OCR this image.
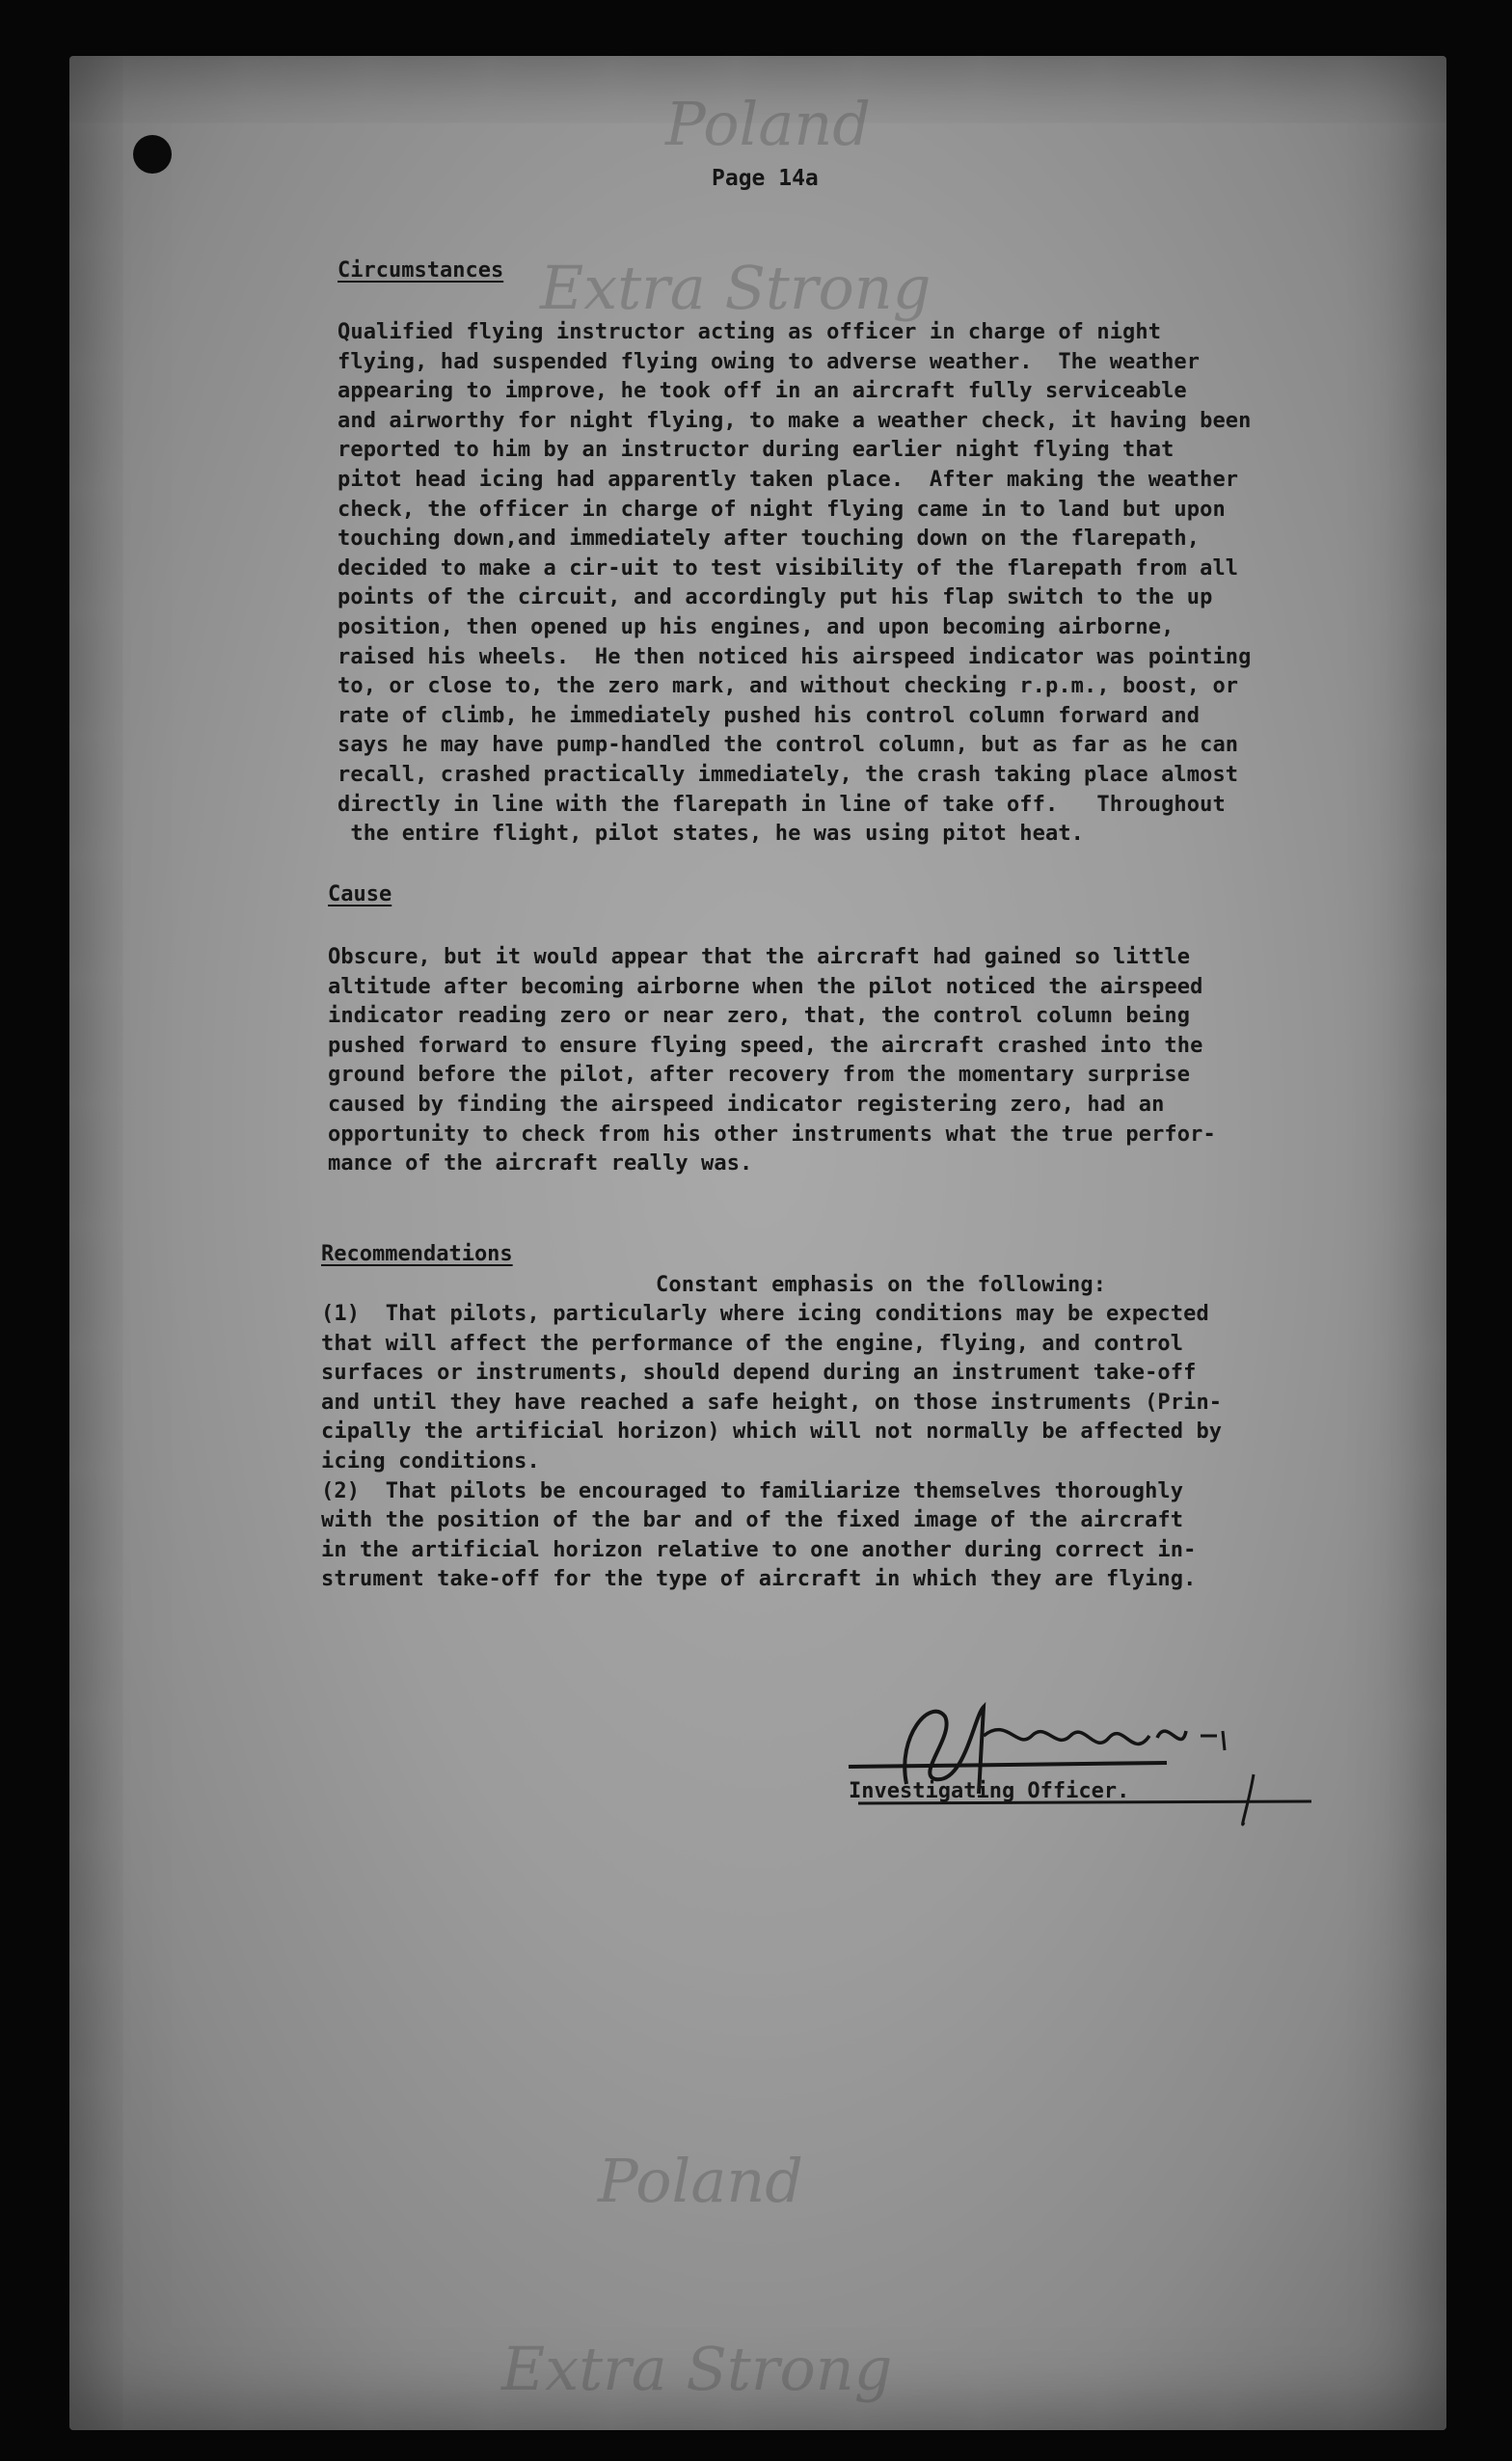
Poland
Extra Strong
Poland
Extra Strong
Page 14a
Circumstances
Qualified flying instructor acting as officer in charge of night
flying, had suspended flying owing to adverse weather.  The weather
appearing to improve, he took off in an aircraft fully serviceable
and airworthy for night flying, to make a weather check, it having been
reported to him by an instructor during earlier night flying that
pitot head icing had apparently taken place.  After making the weather
check, the officer in charge of night flying came in to land but upon
touching down,and immediately after touching down on the flarepath,
decided to make a cir-uit to test visibility of the flarepath from all
points of the circuit, and accordingly put his flap switch to the up
position, then opened up his engines, and upon becoming airborne,
raised his wheels.  He then noticed his airspeed indicator was pointing
to, or close to, the zero mark, and without checking r.p.m., boost, or
rate of climb, he immediately pushed his control column forward and
says he may have pump-handled the control column, but as far as he can
recall, crashed practically immediately, the crash taking place almost
directly in line with the flarepath in line of take off.   Throughout
the entire flight, pilot states, he was using pitot heat.
Cause
Obscure, but it would appear that the aircraft had gained so little
altitude after becoming airborne when the pilot noticed the airspeed
indicator reading zero or near zero, that, the control column being
pushed forward to ensure flying speed, the aircraft crashed into the
ground before the pilot, after recovery from the momentary surprise
caused by finding the airspeed indicator registering zero, had an
opportunity to check from his other instruments what the true perfor-
mance of the aircraft really was.
Recommendations
Constant emphasis on the following:
(1)  That pilots, particularly where icing conditions may be expected
that will affect the performance of the engine, flying, and control
surfaces or instruments, should depend during an instrument take-off
and until they have reached a safe height, on those instruments (Prin-
cipally the artificial horizon) which will not normally be affected by
icing conditions.
(2)  That pilots be encouraged to familiarize themselves thoroughly
with the position of the bar and of the fixed image of the aircraft
in the artificial horizon relative to one another during correct in-
strument take-off for the type of aircraft in which they are flying.
Investigating Officer.
